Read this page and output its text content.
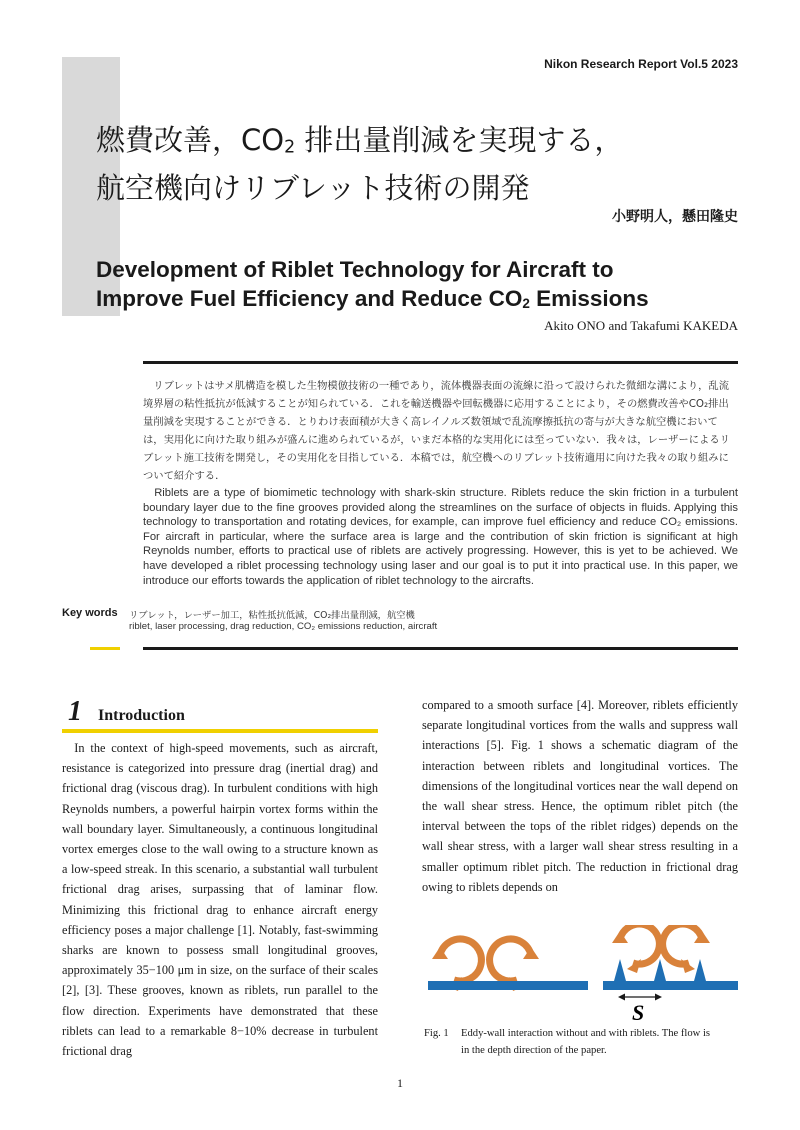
Nikon Research Report Vol.5 2023
燃費改善，$CO_2$ 排出量削減を実現する，
航空機向けリブレット技術の開発
小野明人，懸田隆史
Development of Riblet Technology for Aircraft to
Improve Fuel Efficiency and Reduce $CO_2$ Emissions
Akito ONO and Takafumi KAKEDA

リブレットはサメ肌構造を模した生物模倣技術の一種であり，流体機器表面の流線に沿って設けられた微細な溝により，乱流境界層の粘性抵抗が低減することが知られている．これを輸送機器や回転機器に応用することにより，その燃費改善やCO₂排出量削減を実現することができる．とりわけ表面積が大きく高レイノルズ数領域で乱流摩擦抵抗の寄与が大きな航空機においては，実用化に向けた取り組みが盛んに進められているが，いまだ本格的な実用化には至っていない．我々は，レーザーによるリブレット施工技術を開発し，その実用化を目指している．本稿では，航空機へのリブレット技術適用に向けた我々の取り組みについて紹介する．

Riblets are a type of biomimetic technology with shark-skin structure. Riblets reduce the skin friction in a turbulent boundary layer due to the fine grooves provided along the streamlines on the surface of objects in fluids. Applying this technology to transportation and rotating devices, for example, can improve fuel efficiency and reduce CO₂ emissions. For aircraft in particular, where the surface area is large and the contribution of skin friction is significant at high Reynolds number, efforts to practical use of riblets are actively progressing. However, this is yet to be achieved. We have developed a riblet processing technology using laser and our goal is to put it into practical use. In this paper, we introduce our efforts towards the application of riblet technology to the aircrafts.

Key words リブレット，レーザー加工，粘性抵抗低減，CO₂排出量削減，航空機
riblet, laser processing, drag reduction, CO₂ emissions reduction, aircraft
1 Introduction

In the context of high-speed movements, such as aircraft, resistance is categorized into pressure drag (inertial drag) and frictional drag (viscous drag). In turbulent conditions with high Reynolds numbers, a powerful hairpin vortex forms within the wall boundary layer. Simultaneously, a continuous longitudinal vortex emerges close to the wall owing to a structure known as a low-speed streak. In this scenario, a substantial wall turbulent frictional drag arises, surpassing that of laminar flow. Minimizing this frictional drag to enhance aircraft energy efficiency poses a major challenge [1]. Notably, fast-swimming sharks are known to possess small longitudinal grooves, approximately 35−100 μm in size, on the surface of their scales [2], [3]. These grooves, known as riblets, run parallel to the flow direction. Experiments have demonstrated that these riblets can lead to a remarkable 8−10% decrease in turbulent frictional drag

compared to a smooth surface [4]. Moreover, riblets efficiently separate longitudinal vortices from the walls and suppress wall interactions [5]. Fig. 1 shows a schematic diagram of the interaction between riblets and longitudinal vortices. The dimensions of the longitudinal vortices near the wall depend on the wall shear stress. Hence, the optimum riblet pitch (the interval between the tops of the riblet ridges) depends on the wall shear stress, with a larger wall shear stress resulting in a smaller optimum riblet pitch. The reduction in frictional drag owing to riblets depends on

S
Fig. 1 Eddy-wall interaction without and with riblets. The flow is
in the depth direction of the paper.
1
